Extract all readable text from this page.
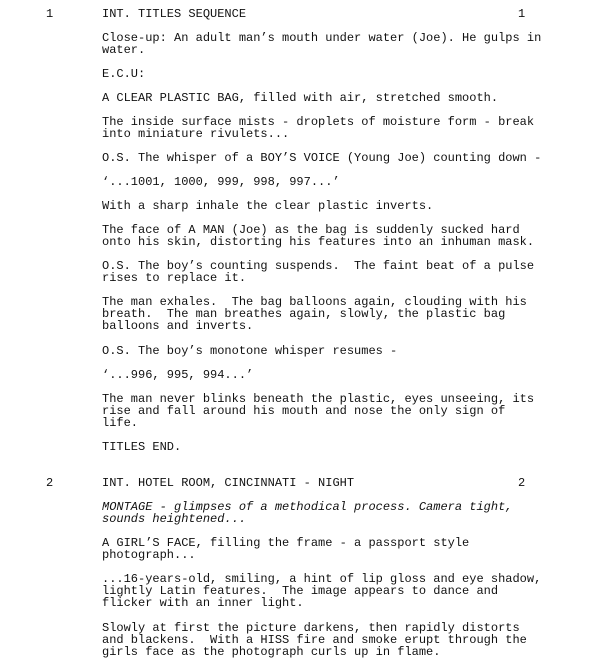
1	INT. TITLES SEQUENCE	1
Close-up: An adult man’s mouth under water (Joe). He gulps in
water.
E.C.U:
A CLEAR PLASTIC BAG, filled with air, stretched smooth.
The inside surface mists - droplets of moisture form - break
into miniature rivulets...
O.S. The whisper of a BOY’S VOICE (Young Joe) counting down -
‘...1001, 1000, 999, 998, 997...’
With a sharp inhale the clear plastic inverts.
The face of A MAN (Joe) as the bag is suddenly sucked hard
onto his skin, distorting his features into an inhuman mask.
O.S. The boy’s counting suspends.  The faint beat of a pulse
rises to replace it.
The man exhales.  The bag balloons again, clouding with his
breath.  The man breathes again, slowly, the plastic bag
balloons and inverts.
O.S. The boy’s monotone whisper resumes -
‘...996, 995, 994...’
The man never blinks beneath the plastic, eyes unseeing, its
rise and fall around his mouth and nose the only sign of
life.
TITLES END.
2	INT. HOTEL ROOM, CINCINNATI - NIGHT	2
MONTAGE - glimpses of a methodical process. Camera tight,
sounds heightened...
A GIRL’S FACE, filling the frame - a passport style
photograph...
...16-years-old, smiling, a hint of lip gloss and eye shadow,
lightly Latin features.  The image appears to dance and
flicker with an inner light.
Slowly at first the picture darkens, then rapidly distorts
and blackens.  With a HISS fire and smoke erupt through the
girls face as the photograph curls up in flame.
